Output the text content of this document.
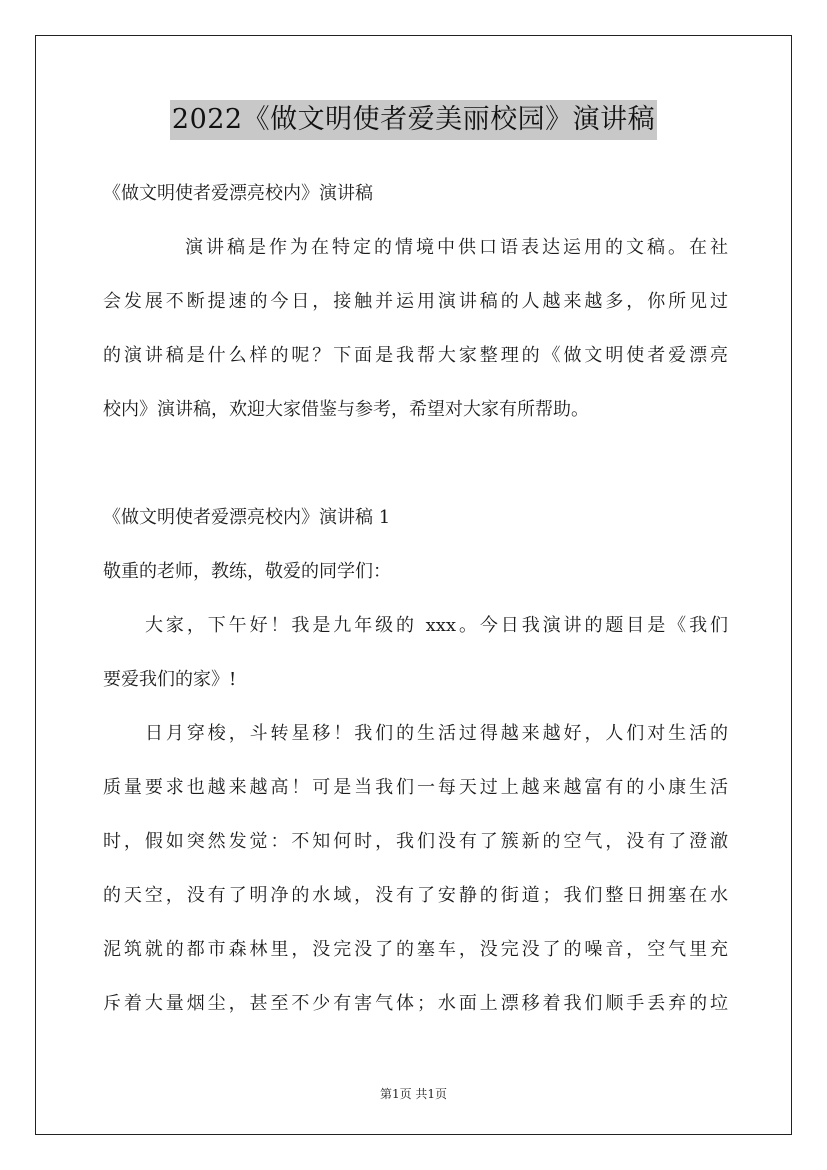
2022《做文明使者爱美丽校园》演讲稿
《做文明使者爱漂亮校内》演讲稿
演讲稿是作为在特定的情境中供口语表达运用的文稿。在社
会发展不断提速的今日，接触并运用演讲稿的人越来越多，你所见过
的演讲稿是什么样的呢？下面是我帮大家整理的《做文明使者爱漂亮
校内》演讲稿，欢迎大家借鉴与参考，希望对大家有所帮助。
《做文明使者爱漂亮校内》演讲稿 1
敬重的老师，教练，敬爱的同学们：
大家，下午好！我是九年级的 xxx。今日我演讲的题目是《我们
要爱我们的家》!
日月穿梭，斗转星移！我们的生活过得越来越好，人们对生活的
质量要求也越来越高！可是当我们一每天过上越来越富有的小康生活
时，假如突然发觉：不知何时，我们没有了簇新的空气，没有了澄澈
的天空，没有了明净的水域，没有了安静的街道；我们整日拥塞在水
泥筑就的都市森林里，没完没了的塞车，没完没了的噪音，空气里充
斥着大量烟尘，甚至不少有害气体；水面上漂移着我们顺手丢弃的垃
第1页 共1页
